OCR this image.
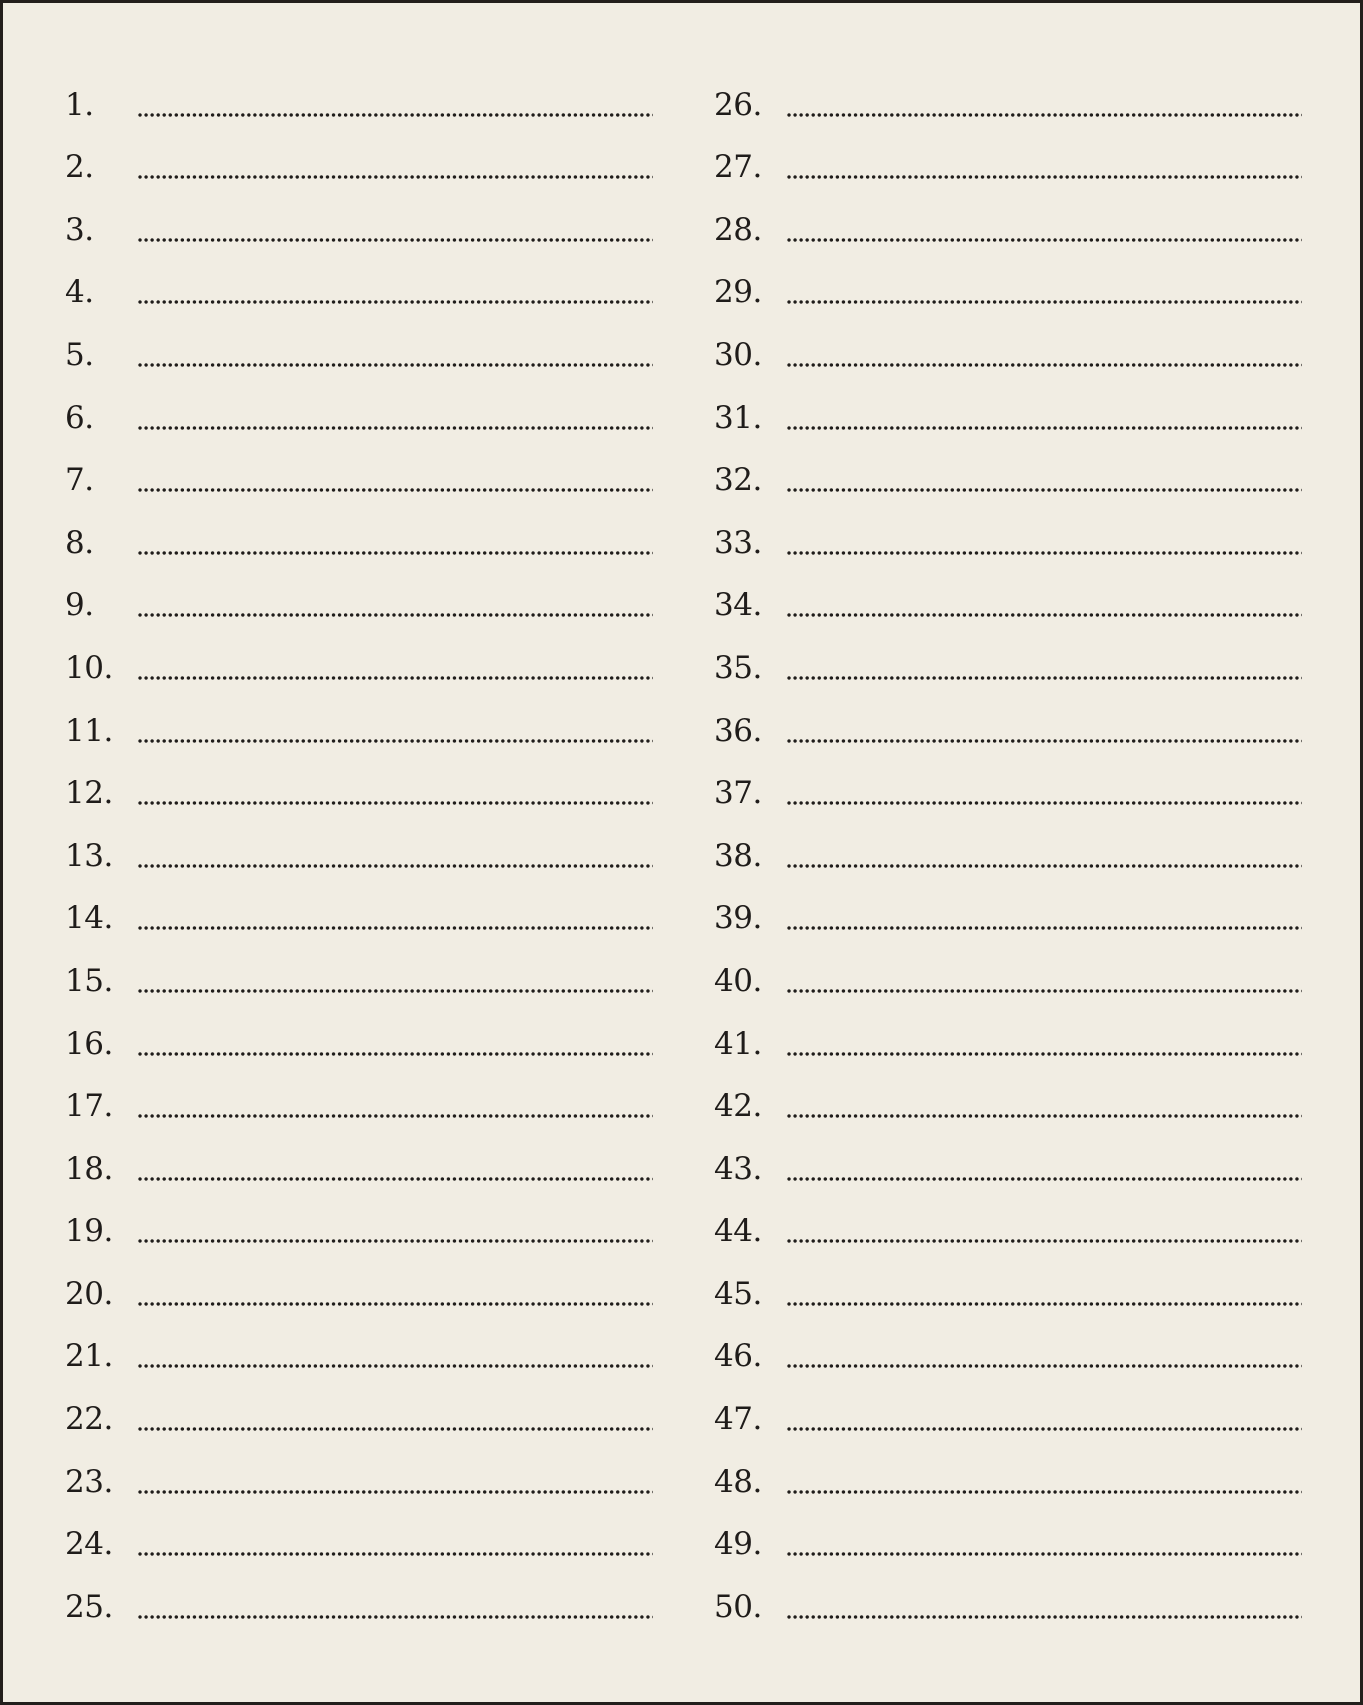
1.
2.
3.
4.
5.
6.
7.
8.
9.
10.
11.
12.
13.
14.
15.
16.
17.
18.
19.
20.
21.
22.
23.
24.
25.
26.
27.
28.
29.
30.
31.
32.
33.
34.
35.
36.
37.
38.
39.
40.
41.
42.
43.
44.
45.
46.
47.
48.
49.
50.
